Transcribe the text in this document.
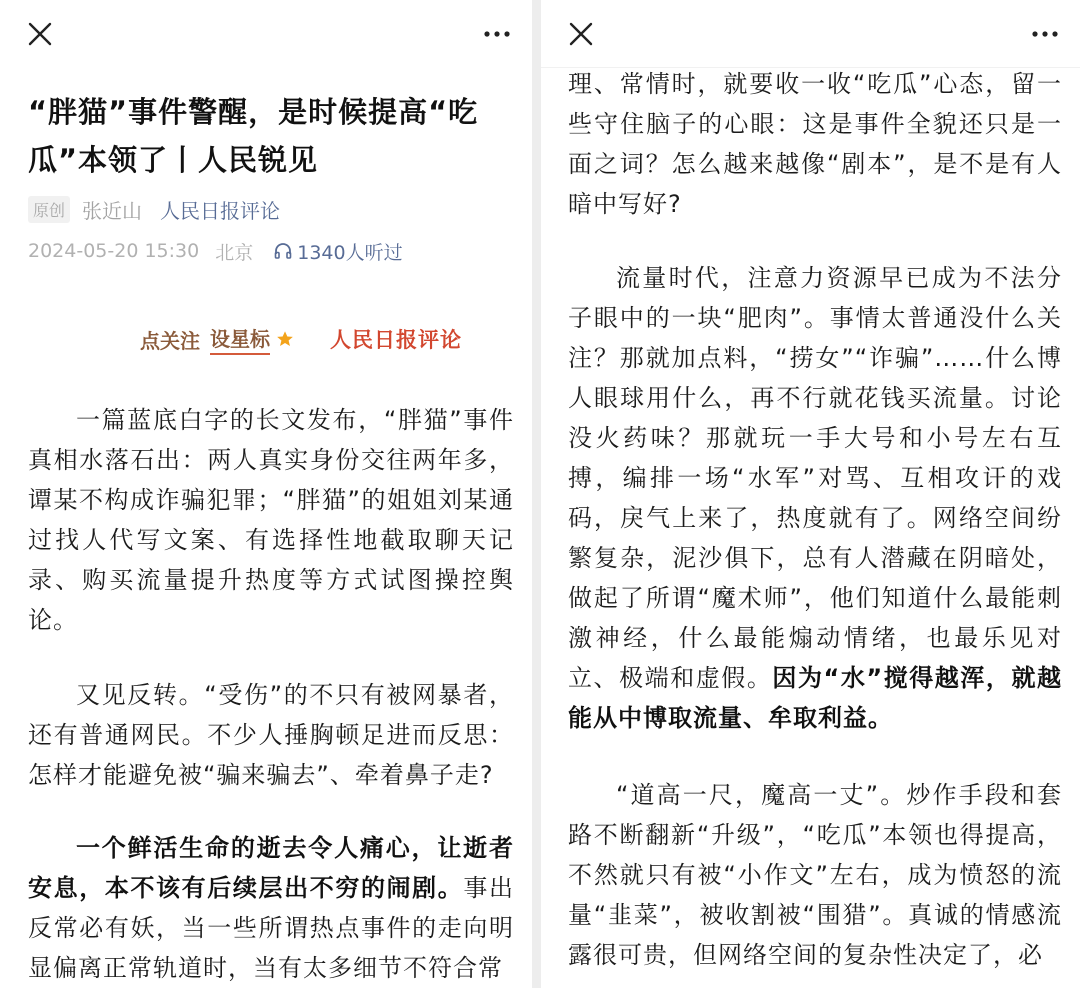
“胖猫”事件警醒，是时候提高“吃瓜”本领了丨人民锐见
原创 张近山 人民日报评论
2024-05-20 15:30 北京 1340人听过
点关注 设星标	人民日报评论

一篇蓝底白字的长文发布，“胖猫”事件真相水落石出：两人真实身份交往两年多，谭某不构成诈骗犯罪；“胖猫”的姐姐刘某通过找人代写文案、有选择性地截取聊天记录、购买流量提升热度等方式试图操控舆论。

又见反转。“受伤”的不只有被网暴者，还有普通网民。不少人捶胸顿足进而反思：怎样才能避免被“骗来骗去”、牵着鼻子走?

一个鲜活生命的逝去令人痛心，让逝者安息，本不该有后续层出不穷的闹剧。事出反常必有妖，当一些所谓热点事件的走向明显偏离正常轨道时，当有太多细节不符合常

理、常情时，就要收一收“吃瓜”心态，留一些守住脑子的心眼：这是事件全貌还只是一面之词？怎么越来越像“剧本”，是不是有人暗中写好?

流量时代，注意力资源早已成为不法分子眼中的一块“肥肉”。事情太普通没什么关注？那就加点料，“捞女”“诈骗”……什么博人眼球用什么，再不行就花钱买流量。讨论没火药味？那就玩一手大号和小号左右互搏，编排一场“水军”对骂、互相攻讦的戏码，戾气上来了，热度就有了。网络空间纷繁复杂，泥沙俱下，总有人潜藏在阴暗处，做起了所谓“魔术师”，他们知道什么最能刺激神经，什么最能煽动情绪，也最乐见对立、极端和虚假。因为“水”搅得越浑，就越能从中博取流量、牟取利益。

“道高一尺，魔高一丈”。炒作手段和套路不断翻新“升级”，“吃瓜”本领也得提高，不然就只有被“小作文”左右，成为愤怒的流量“韭菜”，被收割被“围猎”。真诚的情感流露很可贵，但网络空间的复杂性决定了，必
